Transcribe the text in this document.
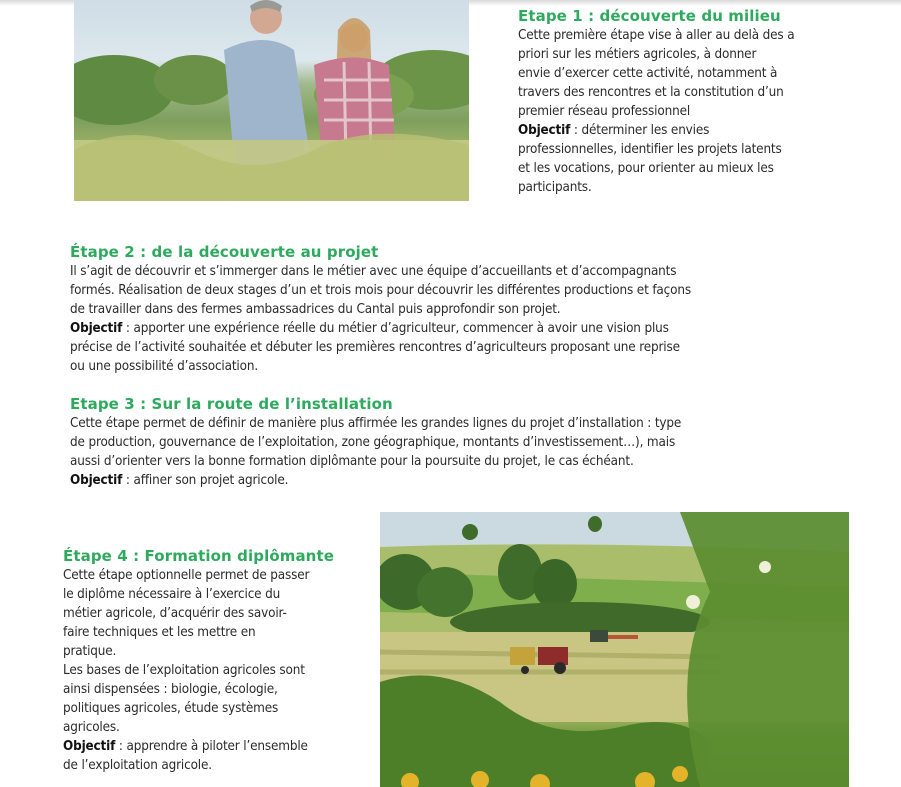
Etape 1 : découverte du milieu

Cette première étape vise à aller au delà des a
priori sur les métiers agricoles, à donner
envie d’exercer cette activité, notamment à
travers des rencontres et la constitution d’un
premier réseau professionnel
Objectif : déterminer les envies
professionnelles, identifier les projets latents
et les vocations, pour orienter au mieux les
participants.

Étape 2 : de la découverte au projet

Il s’agit de découvrir et s’immerger dans le métier avec une équipe d’accueillants et d’accompagnants
formés. Réalisation de deux stages d’un et trois mois pour découvrir les différentes productions et façons
de travailler dans des fermes ambassadrices du Cantal puis approfondir son projet.
Objectif : apporter une expérience réelle du métier d’agriculteur, commencer à avoir une vision plus
précise de l’activité souhaitée et débuter les premières rencontres d’agriculteurs proposant une reprise
ou une possibilité d’association.

Etape 3 : Sur la route de l’installation

Cette étape permet de définir de manière plus affirmée les grandes lignes du projet d’installation : type
de production, gouvernance de l’exploitation, zone géographique, montants d’investissement…), mais
aussi d’orienter vers la bonne formation diplômante pour la poursuite du projet, le cas échéant.
Objectif : affiner son projet agricole.

Étape 4 : Formation diplômante

Cette étape optionnelle permet de passer
le diplôme nécessaire à l’exercice du
métier agricole, d’acquérir des savoir-
faire techniques et les mettre en
pratique.
Les bases de l’exploitation agricoles sont
ainsi dispensées : biologie, écologie,
politiques agricoles, étude systèmes
agricoles.
Objectif : apprendre à piloter l’ensemble
de l’exploitation agricole.
